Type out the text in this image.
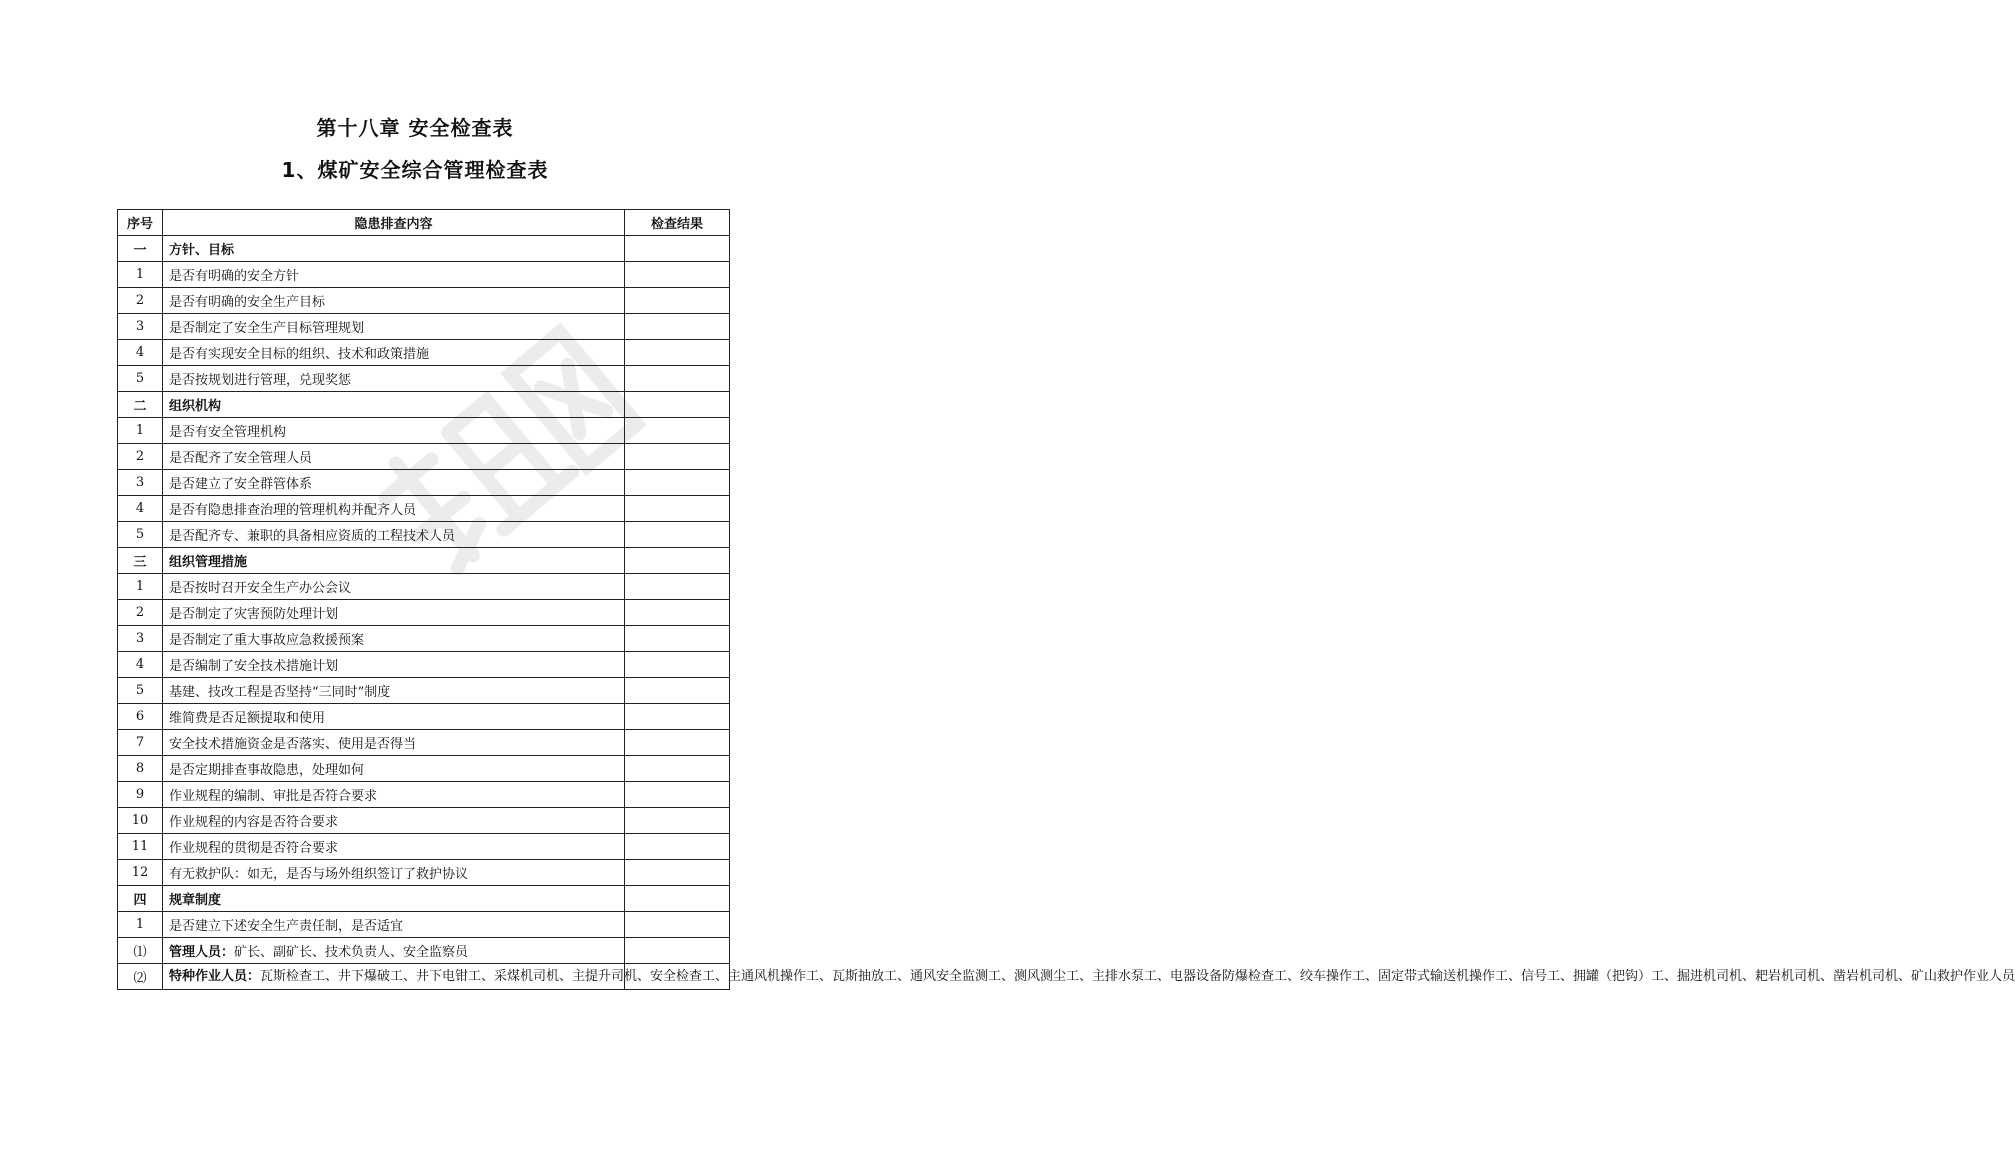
第十八章 安全检查表
1、煤矿安全综合管理检查表
序号	隐患排查内容	检查结果
一	方针、目标	
1	是否有明确的安全方针	
2	是否有明确的安全生产目标	
3	是否制定了安全生产目标管理规划	
4	是否有实现安全目标的组织、技术和政策措施	
5	是否按规划进行管理，兑现奖惩	
二	组织机构	
1	是否有安全管理机构	
2	是否配齐了安全管理人员	
3	是否建立了安全群管体系	
4	是否有隐患排查治理的管理机构并配齐人员	
5	是否配齐专、兼职的具备相应资质的工程技术人员	
三	组织管理措施	
1	是否按时召开安全生产办公会议	
2	是否制定了灾害预防处理计划	
3	是否制定了重大事故应急救援预案	
4	是否编制了安全技术措施计划	
5	基建、技改工程是否坚持“三同时”制度	
6	维简费是否足额提取和使用	
7	安全技术措施资金是否落实、使用是否得当	
8	是否定期排查事故隐患，处理如何	
9	作业规程的编制、审批是否符合要求	
10	作业规程的内容是否符合要求	
11	作业规程的贯彻是否符合要求	
12	有无救护队：如无，是否与场外组织签订了救护协议	
四	规章制度	
1	是否建立下述安全生产责任制，是否适宜	
⑴	管理人员：矿长、副矿长、技术负责人、安全监察员	
⑵	特种作业人员：瓦斯检查工、井下爆破工、井下电钳工、采煤机司机、主提升司机、安全检查工、主通风机操作工、瓦斯抽放工、通风安全监测工、测风测尘工、主排水泵工、电器设备防爆检查工、绞车操作工、固定带式输送机操作工、信号工、拥罐（把钩）工、掘进机司机、耙岩机司机、凿岩机司机、矿山救护作业人员	
